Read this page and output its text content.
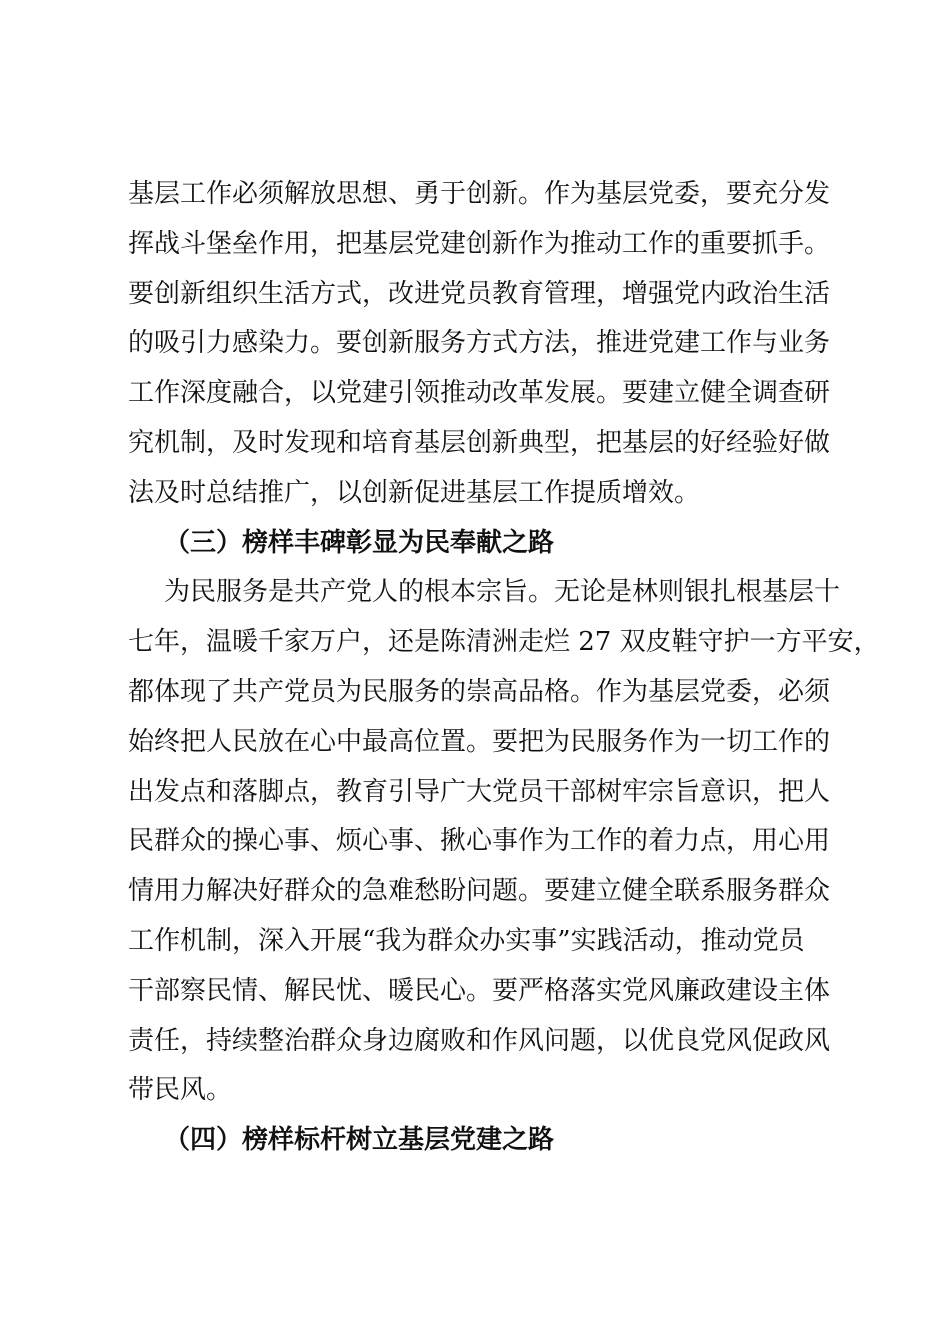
基层工作必须解放思想、勇于创新。作为基层党委，要充分发
挥战斗堡垒作用，把基层党建创新作为推动工作的重要抓手。
要创新组织生活方式，改进党员教育管理，增强党内政治生活
的吸引力感染力。要创新服务方式方法，推进党建工作与业务
工作深度融合，以党建引领推动改革发展。要建立健全调查研
究机制，及时发现和培育基层创新典型，把基层的好经验好做
法及时总结推广，以创新促进基层工作提质增效。
（三）榜样丰碑彰显为民奉献之路
为民服务是共产党人的根本宗旨。无论是林则银扎根基层十
七年，温暖千家万户，还是陈清洲走烂 27 双皮鞋守护一方平安，
都体现了共产党员为民服务的崇高品格。作为基层党委，必须
始终把人民放在心中最高位置。要把为民服务作为一切工作的
出发点和落脚点，教育引导广大党员干部树牢宗旨意识，把人
民群众的操心事、烦心事、揪心事作为工作的着力点，用心用
情用力解决好群众的急难愁盼问题。要建立健全联系服务群众
工作机制，深入开展“我为群众办实事”实践活动，推动党员
干部察民情、解民忧、暖民心。要严格落实党风廉政建设主体
责任，持续整治群众身边腐败和作风问题，以优良党风促政风
带民风。
（四）榜样标杆树立基层党建之路
